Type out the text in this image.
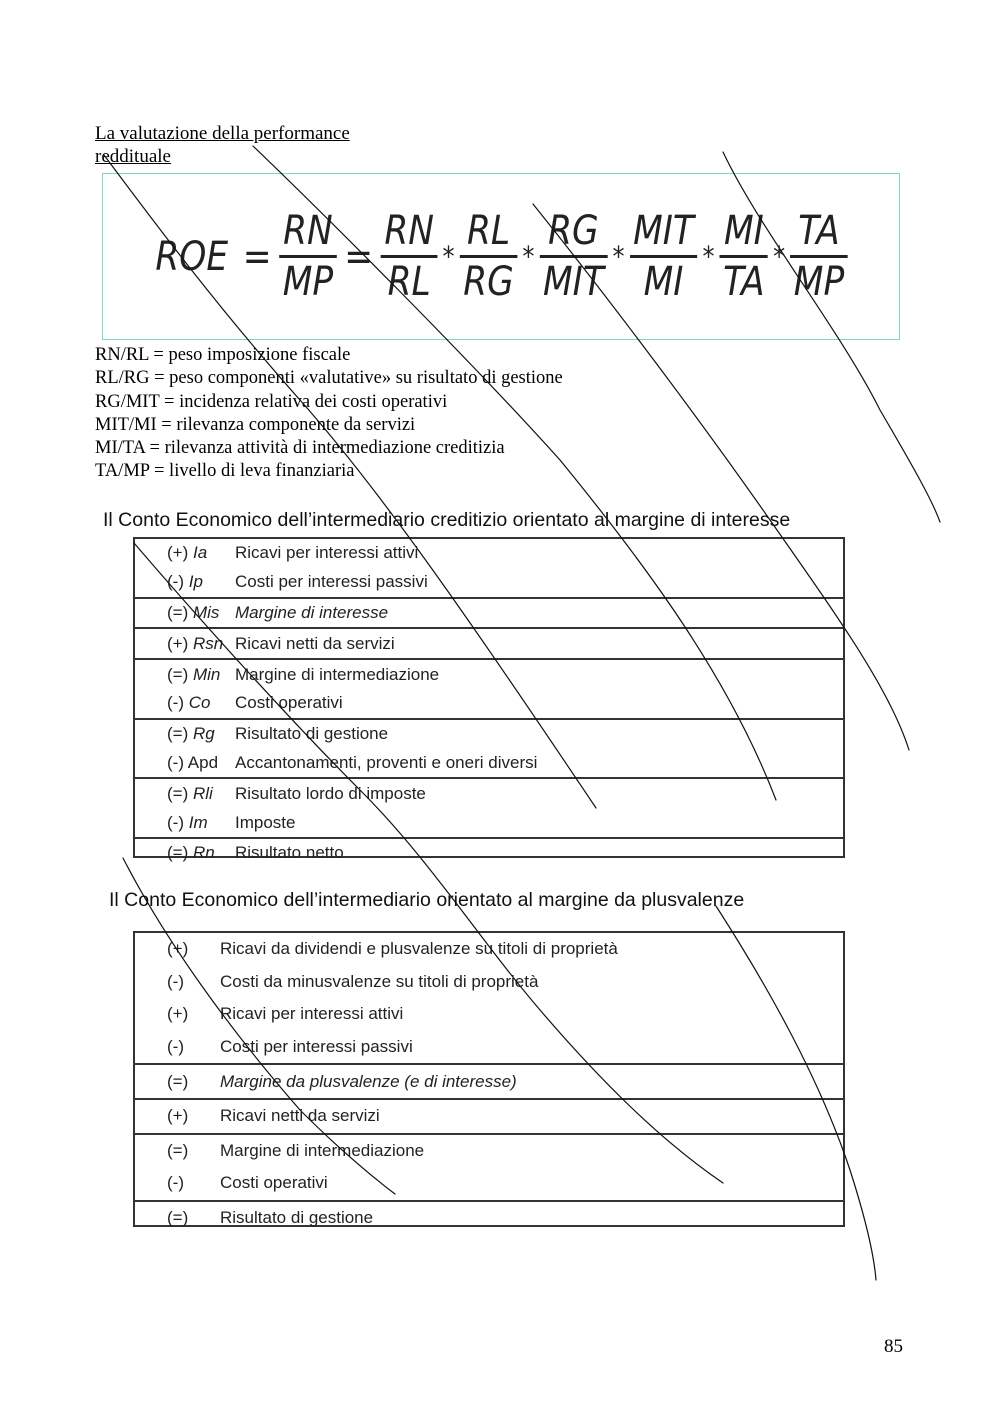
La valutazione della performance
reddituale
ROE = $\frac{RN}{MP} = \frac{RN}{RL} * \frac{RL}{RG} * \frac{RG}{\text{MIT}} * \frac{\text{MIT}}{MI} * \frac{MI}{TA} * \frac{TA}{MP}$
RN/RL = peso imposizione fiscale
RL/RG = peso componenti «valutative» su risultato di gestione
RG/MIT = incidenza relativa dei costi operativi
MIT/MI = rilevanza componente da servizi
MI/TA = rilevanza attività di intermediazione creditizia
TA/MP = livello di leva finanziaria
Il Conto Economico dell’intermediario creditizio orientato al margine di interesse
(+) Ia	Ricavi per interessi attivi
(-) Ip	Costi per interessi passivi
(=) Mis Margine di interesse
(+) Rsn Ricavi netti da servizi
(=) Min Margine di intermediazione
(-) Co	Costi operativi
(=) Rg	Risultato di gestione
(-) Apd Accantonamenti, proventi e oneri diversi
(=) Rli	Risultato lordo di imposte
(-) Im	Imposte
(=) Rn	Risultato netto
Il Conto Economico dell’intermediario orientato al margine da plusvalenze
(+)	Ricavi da dividendi e plusvalenze su titoli di proprietà
(-)	Costi da minusvalenze su titoli di proprietà
(+)	Ricavi per interessi attivi
(-)	Costi per interessi passivi
(=)	Margine da plusvalenze (e di interesse)
(+)	Ricavi netti da servizi
(=)	Margine di intermediazione
(-)	Costi operativi
(=)	Risultato di gestione
85
